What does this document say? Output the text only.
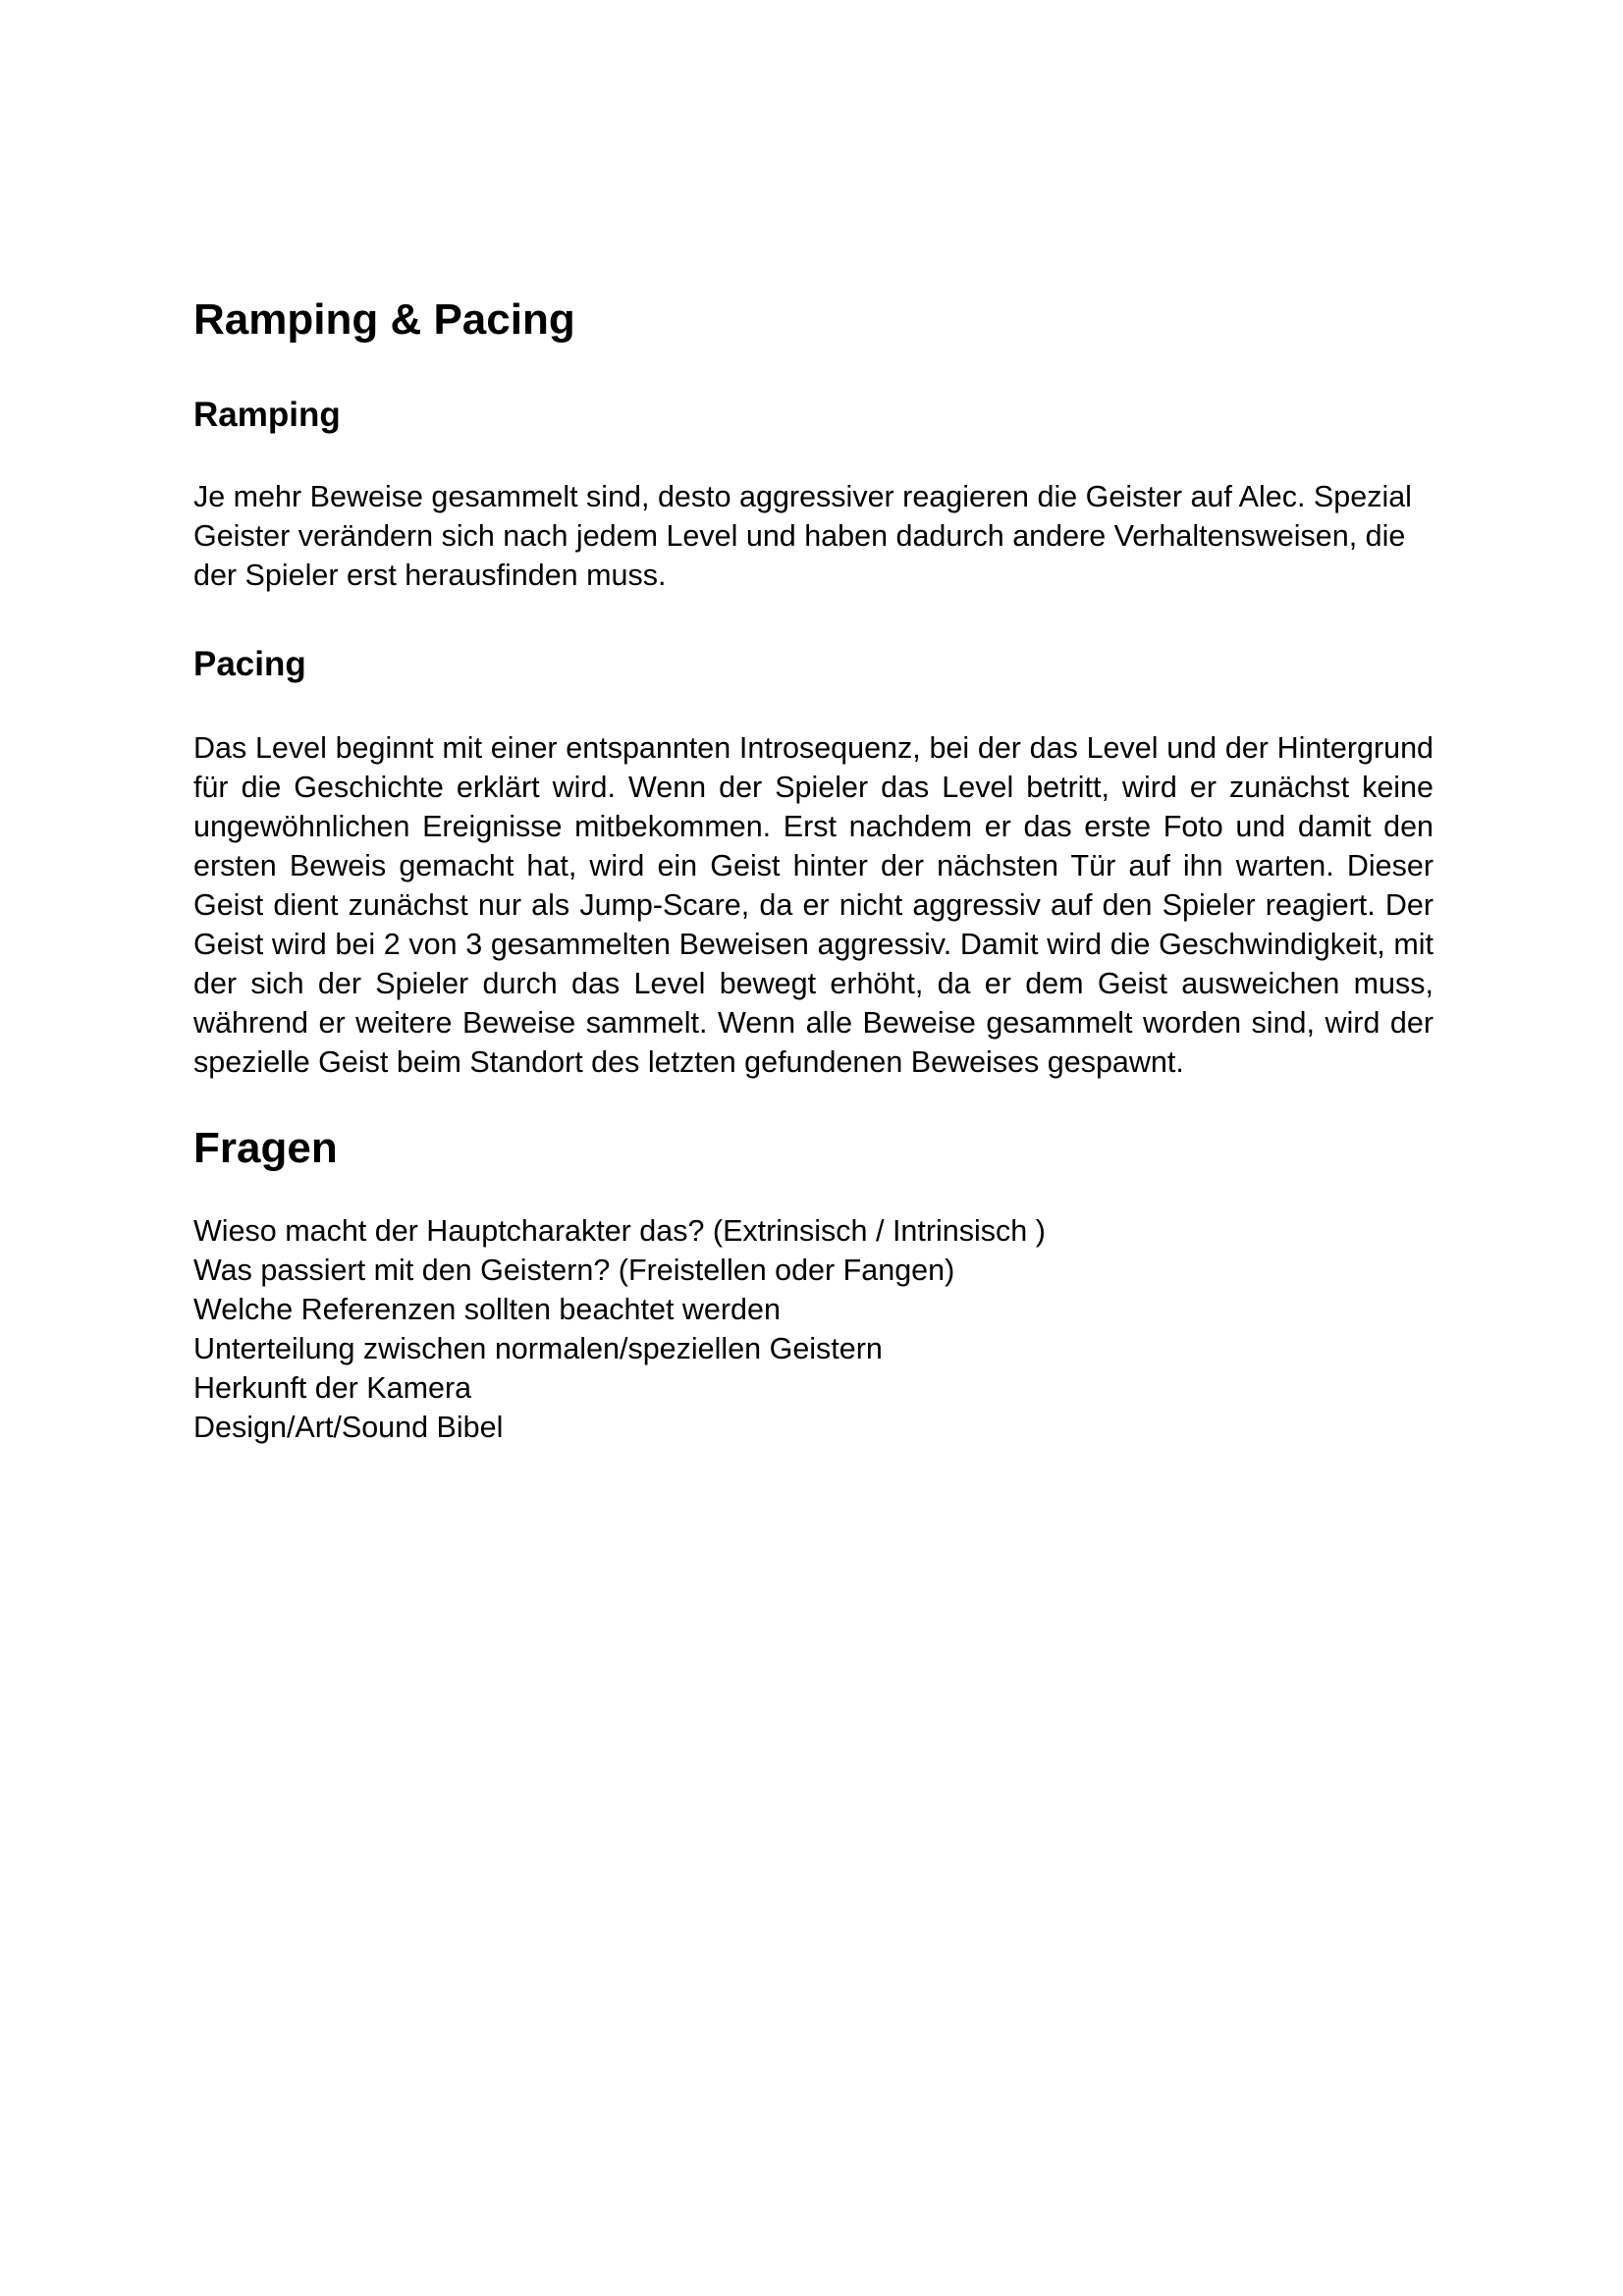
Ramping & Pacing
Ramping

Je mehr Beweise gesammelt sind, desto aggressiver reagieren die Geister auf Alec. Spezial Geister verändern sich nach jedem Level und haben dadurch andere Verhaltensweisen, die der Spieler erst herausfinden muss.

Pacing

Das Level beginnt mit einer entspannten Introsequenz, bei der das Level und der Hintergrund für die Geschichte erklärt wird. Wenn der Spieler das Level betritt, wird er zunächst keine ungewöhnlichen Ereignisse mitbekommen. Erst nachdem er das erste Foto und damit den ersten Beweis gemacht hat, wird ein Geist hinter der nächsten Tür auf ihn warten. Dieser Geist dient zunächst nur als Jump-Scare, da er nicht aggressiv auf den Spieler reagiert. Der Geist wird bei 2 von 3 gesammelten Beweisen aggressiv. Damit wird die Geschwindigkeit, mit der sich der Spieler durch das Level bewegt erhöht, da er dem Geist ausweichen muss, während er weitere Beweise sammelt. Wenn alle Beweise gesammelt worden sind, wird der spezielle Geist beim Standort des letzten gefundenen Beweises gespawnt.

Fragen
Wieso macht der Hauptcharakter das? (Extrinsisch / Intrinsisch )
Was passiert mit den Geistern? (Freistellen oder Fangen)
Welche Referenzen sollten beachtet werden
Unterteilung zwischen normalen/speziellen Geistern
Herkunft der Kamera
Design/Art/Sound Bibel
